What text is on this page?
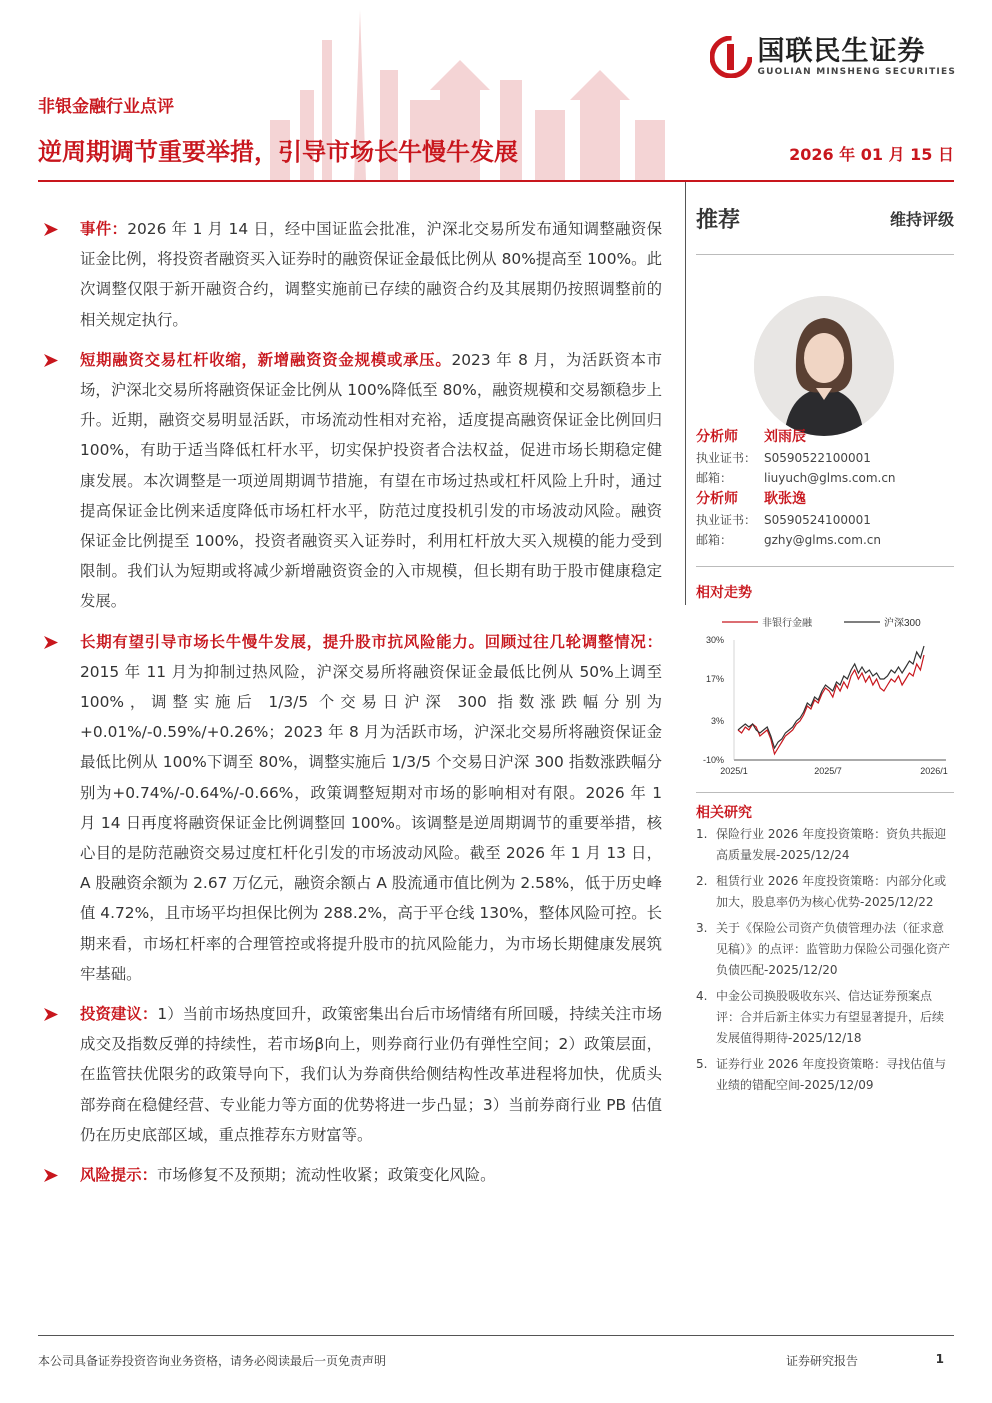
国联民生证券
GUOLIAN MINSHENG SECURITIES
非银金融行业点评
逆周期调节重要举措，引导市场长牛慢牛发展	2026 年 01 月 15 日
事件：2026 年 1 月 14 日，经中国证监会批准，沪深北交易所发布通知调整融资保证金比例，将投资者融资买入证券时的融资保证金最低比例从 80%提高至 100%。此次调整仅限于新开融资合约，调整实施前已存续的融资合约及其展期仍按照调整前的相关规定执行。
短期融资交易杠杆收缩，新增融资资金规模或承压。2023 年 8 月，为活跃资本市场，沪深北交易所将融资保证金比例从 100%降低至 80%，融资规模和交易额稳步上升。近期，融资交易明显活跃，市场流动性相对充裕，适度提高融资保证金比例回归 100%，有助于适当降低杠杆水平，切实保护投资者合法权益，促进市场长期稳定健康发展。本次调整是一项逆周期调节措施，有望在市场过热或杠杆风险上升时，通过提高保证金比例来适度降低市场杠杆水平，防范过度投机引发的市场波动风险。融资保证金比例提至 100%，投资者融资买入证券时，利用杠杆放大买入规模的能力受到限制。我们认为短期或将减少新增融资资金的入市规模，但长期有助于股市健康稳定发展。
长期有望引导市场长牛慢牛发展，提升股市抗风险能力。回顾过往几轮调整情况：2015 年 11 月为抑制过热风险，沪深交易所将融资保证金最低比例从 50%上调至 100%，调整实施后 1/3/5 个交易日沪深 300 指数涨跌幅分别为+0.01%/-0.59%/+0.26%；2023 年 8 月为活跃市场，沪深北交易所将融资保证金最低比例从 100%下调至 80%，调整实施后 1/3/5 个交易日沪深 300 指数涨跌幅分别为+0.74%/-0.64%/-0.66%，政策调整短期对市场的影响相对有限。2026 年 1 月 14 日再度将融资保证金比例调整回 100%。该调整是逆周期调节的重要举措，核心目的是防范融资交易过度杠杆化引发的市场波动风险。截至 2026 年 1 月 13 日， A 股融资余额为 2.67 万亿元，融资余额占 A 股流通市值比例为 2.58%，低于历史峰值 4.72%，且市场平均担保比例为 288.2%，高于平仓线 130%，整体风险可控。长期来看，市场杠杆率的合理管控或将提升股市的抗风险能力，为市场长期健康发展筑牢基础。
投资建议：1）当前市场热度回升，政策密集出台后市场情绪有所回暖，持续关注市场成交及指数反弹的持续性，若市场β向上，则券商行业仍有弹性空间；2）政策层面，在监管扶优限劣的政策导向下，我们认为券商供给侧结构性改革进程将加快，优质头部券商在稳健经营、专业能力等方面的优势将进一步凸显；3）当前券商行业 PB 估值仍在历史底部区域，重点推荐东方财富等。
风险提示：市场修复不及预期；流动性收紧；政策变化风险。
推荐	维持评级
分析师	刘雨辰
执业证书： S0590522100001
邮箱：	liuyuch@glms.com.cn
分析师	耿张逸
执业证书： S0590524100001
邮箱：	gzhy@glms.com.cn
相对走势
非银行金融	沪深300
30%
17%
3%
-10%
2025/1	2025/7	2026/1
相关研究
1. 保险行业 2026 年度投资策略：资负共振迎高质量发展-2025/12/24
2. 租赁行业 2026 年度投资策略：内部分化或加大，股息率仍为核心优势-2025/12/22
3. 关于《保险公司资产负债管理办法（征求意见稿）》的点评：监管助力保险公司强化资产负债匹配-2025/12/20
4. 中金公司换股吸收东兴、信达证券预案点评：合并后新主体实力有望显著提升，后续发展值得期待-2025/12/18
5. 证券行业 2026 年度投资策略：寻找估值与业绩的错配空间-2025/12/09
本公司具备证券投资咨询业务资格，请务必阅读最后一页免责声明	证券研究报告	1
